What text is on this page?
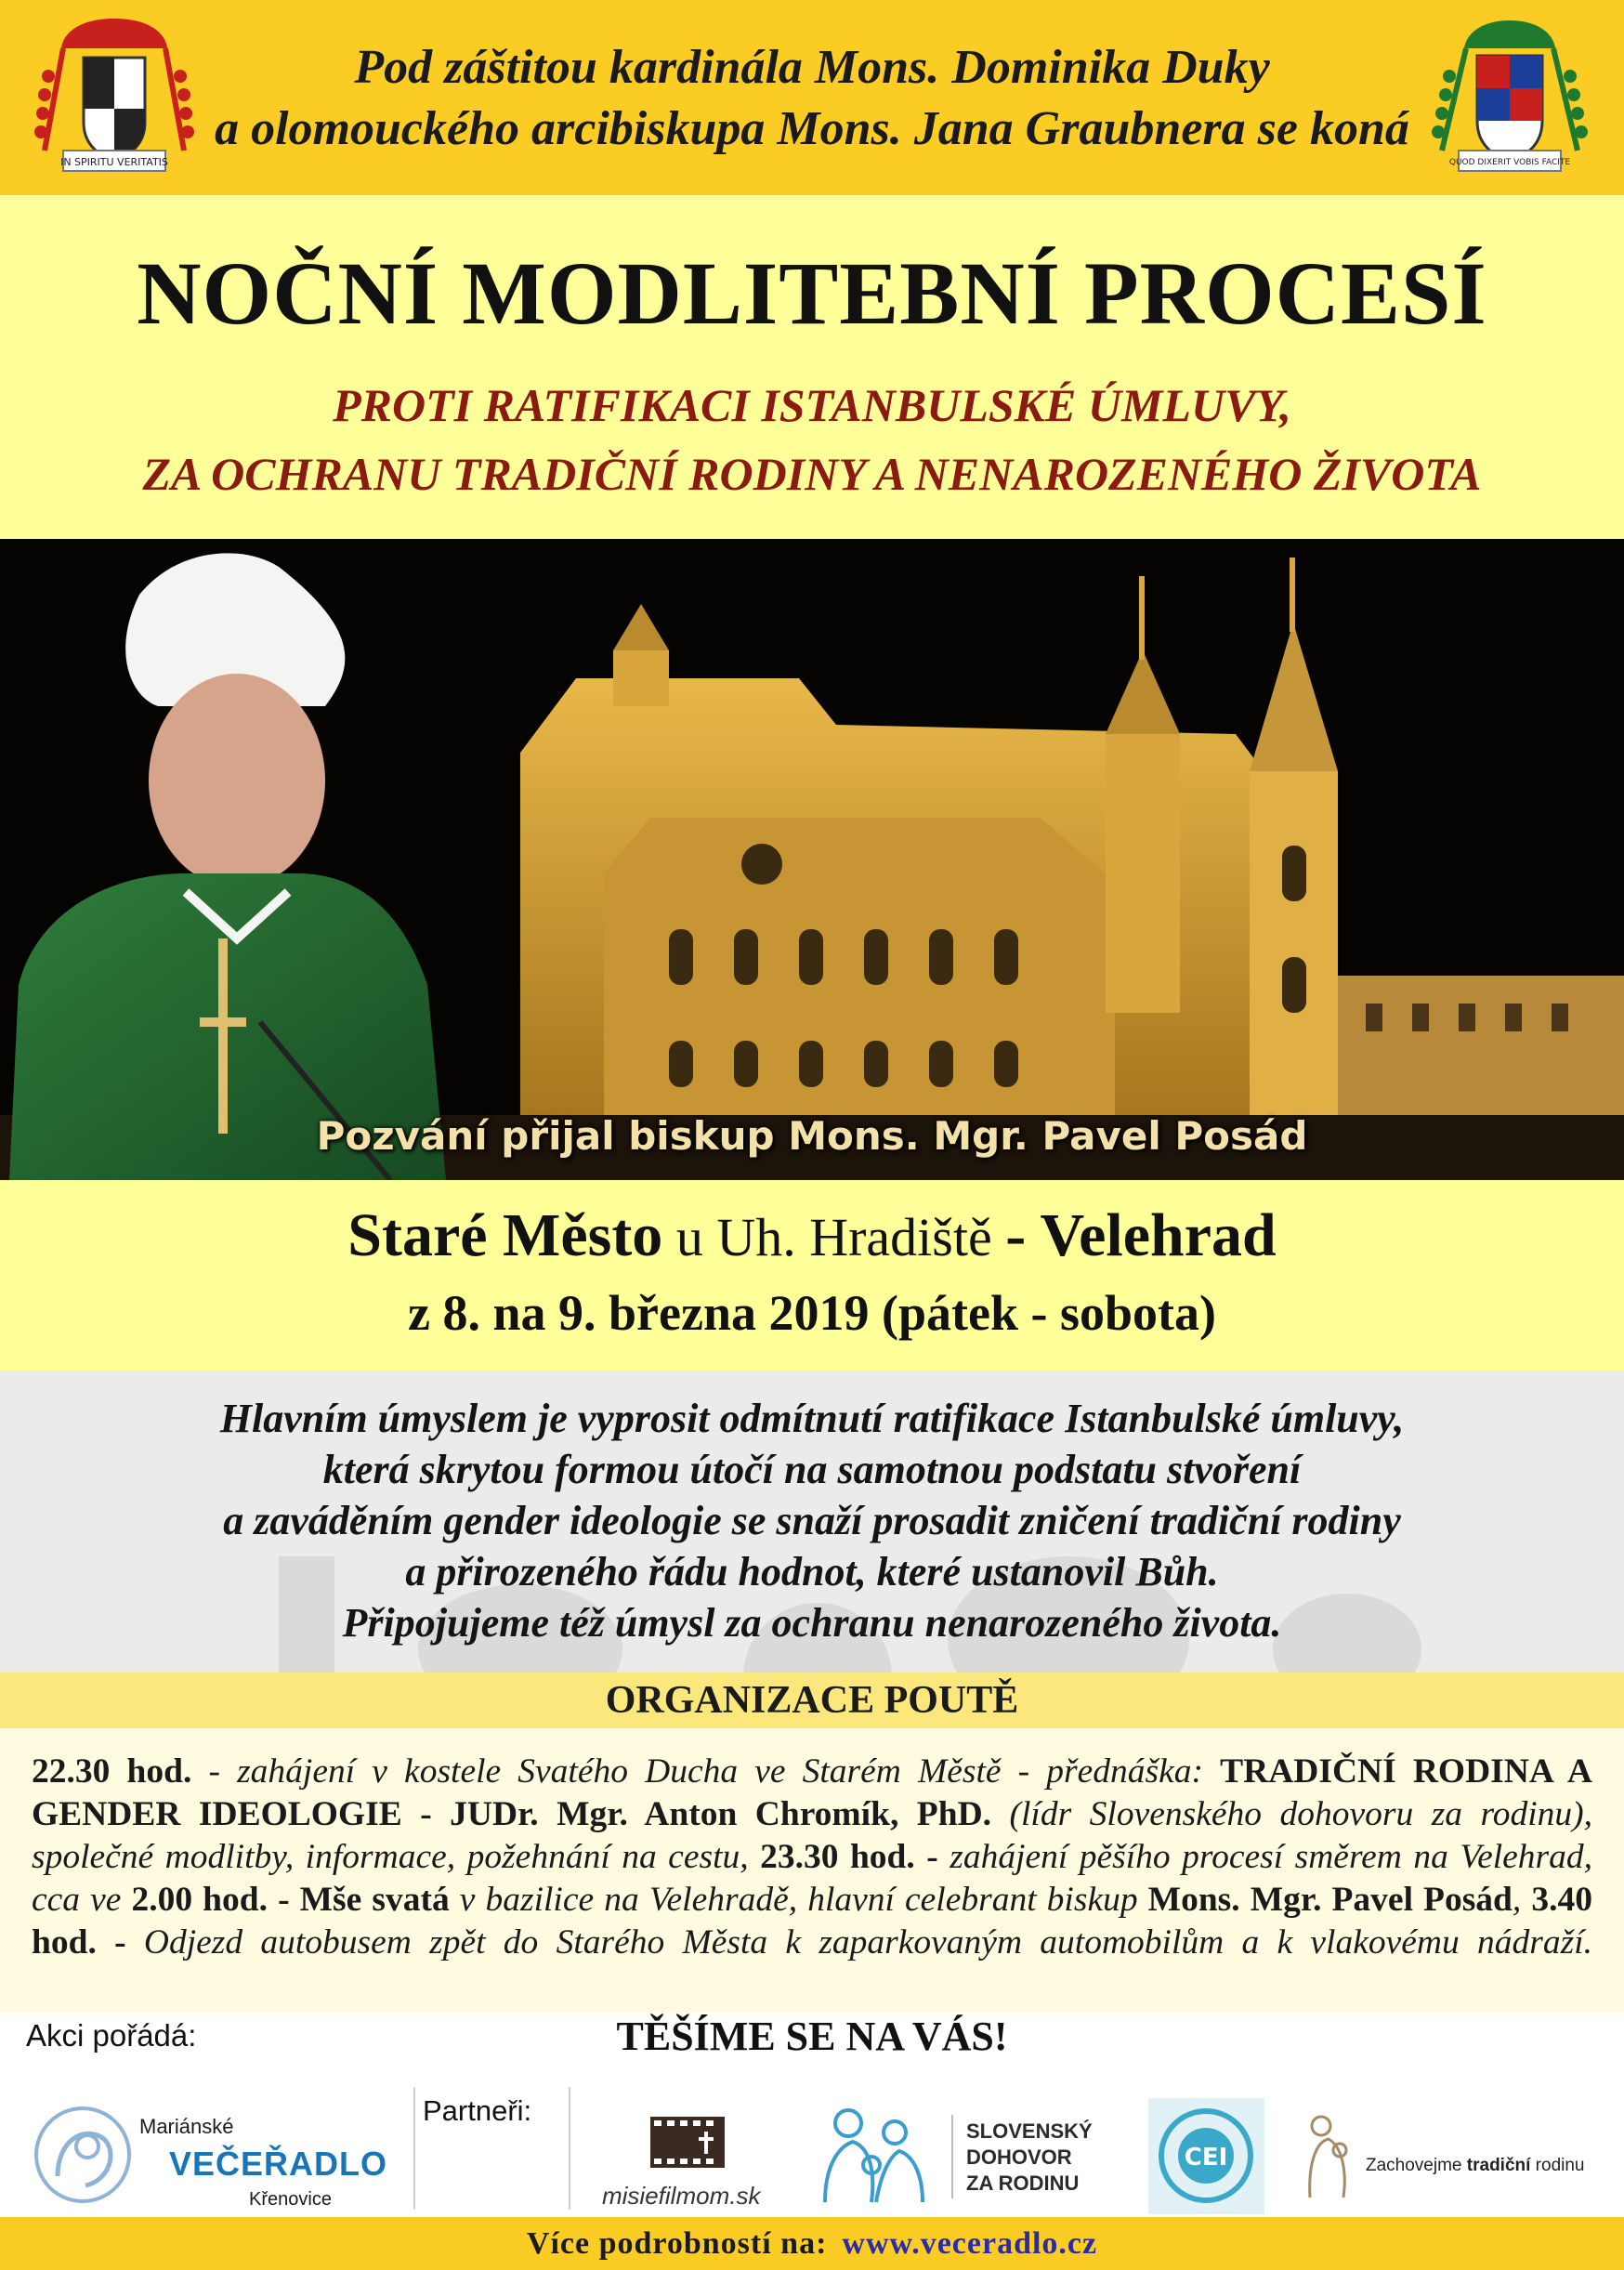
IN SPIRITU VERITATIS
Pod záštitou kardinála Mons. Dominika Duky
a olomouckého arcibiskupa Mons. Jana Graubnera se koná
QUOD DIXERIT VOBIS FACITE
NOČNÍ MODLITEBNÍ PROCESÍ
PROTI RATIFIKACI ISTANBULSKÉ ÚMLUVY,
ZA OCHRANU TRADIČNÍ RODINY A NENAROZENÉHO ŽIVOTA
Pozvání přijal biskup Mons. Mgr. Pavel Posád
Staré Město u Uh. Hradiště - Velehrad
z 8. na 9. března 2019 (pátek - sobota)
Hlavním úmyslem je vyprosit odmítnutí ratifikace Istanbulské úmluvy,
která skrytou formou útočí na samotnou podstatu stvoření
a zaváděním gender ideologie se snaží prosadit zničení tradiční rodiny
a přirozeného řádu hodnot, které ustanovil Bůh.
Připojujeme též úmysl za ochranu nenarozeného života.
ORGANIZACE POUTĚ
22.30 hod. - zahájení v kostele Svatého Ducha ve Starém Městě - přednáška: TRADIČNÍ RODINA A GENDER IDEOLOGIE - JUDr. Mgr. Anton Chromík, PhD. (lídr Slovenského dohovoru za rodinu), společné modlitby, informace, požehnání na cestu, 23.30 hod. - zahájení pěšího procesí směrem na Velehrad, cca ve 2.00 hod. - Mše svatá v bazilice na Velehradě, hlavní celebrant biskup Mons. Mgr. Pavel Posád, 3.40 hod. - Odjezd autobusem zpět do Starého Města k zaparkovaným automobilům a k vlakovému nádraží.
Akci pořádá:	TĚŠÍME SE NA VÁS!
Mariánské
VEČEŘADLO
Křenovice
Partneři:
misiefilmom.sk
SLOVENSKÝ
DOHOVOR
ZA RODINU
CEI	Zachovejme tradiční rodinu
Více podrobností na: www.veceradlo.cz
